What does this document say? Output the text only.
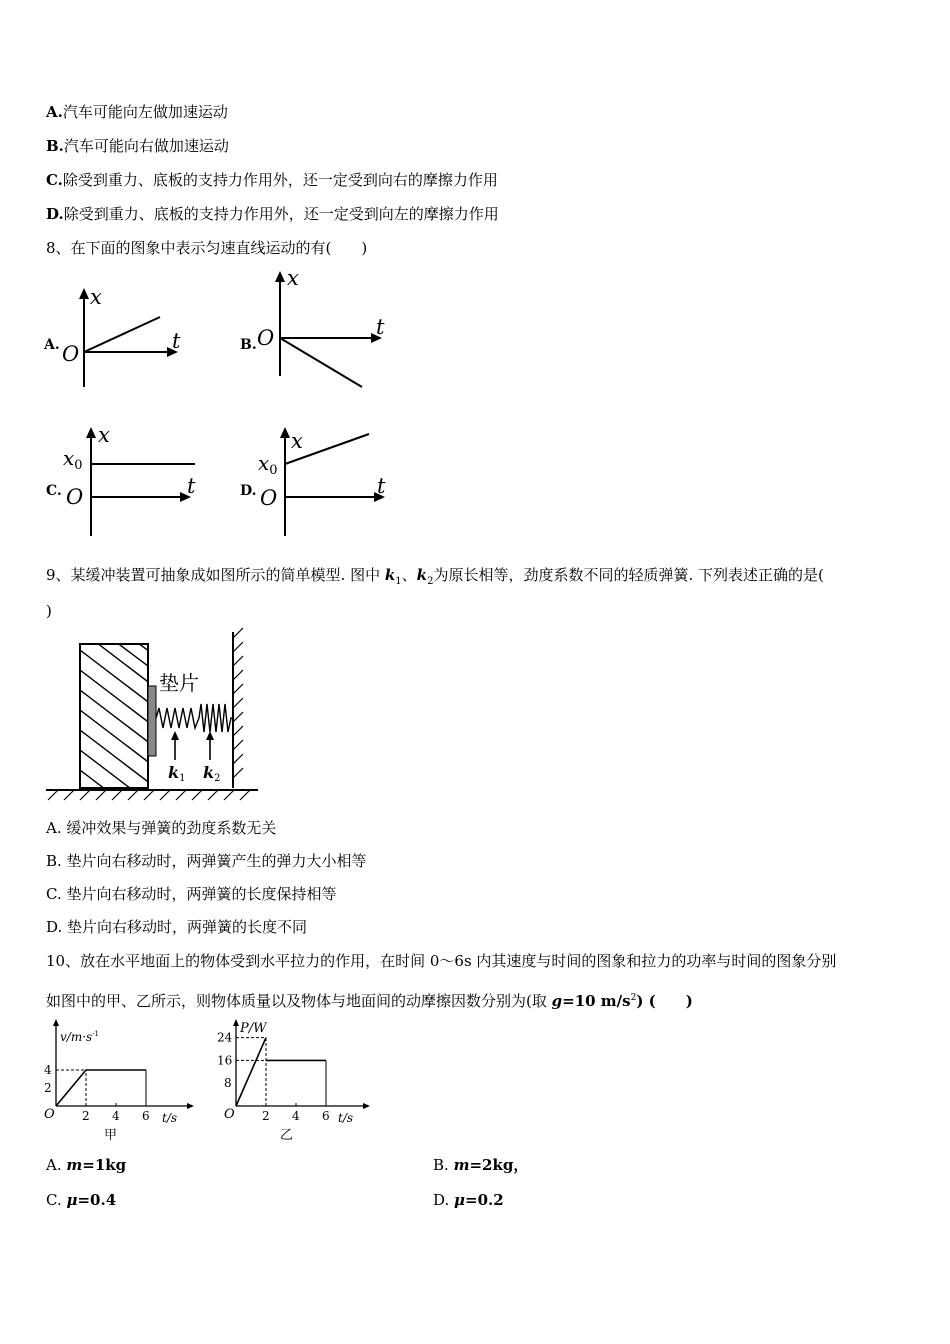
A.汽车可能向左做加速运动
B.汽车可能向右做加速运动
C.除受到重力、底板的支持力作用外，还一定受到向右的摩擦力作用
D.除受到重力、底板的支持力作用外，还一定受到向左的摩擦力作用
8、在下面的图象中表示匀速直线运动的有(　　)
A.
x
t
O	B.
x
t
O
C.
x
t
O
$x_0$
D.
x
t
O
$x_0$
9、某缓冲装置可抽象成如图所示的简单模型. 图中 $k_1$、$k_2$为原长相等，劲度系数不同的轻质弹簧. 下列表述正确的是(
)
垫片
k1 k2
A. 缓冲效果与弹簧的劲度系数无关
B. 垫片向右移动时，两弹簧产生的弹力大小相等
C. 垫片向右移动时，两弹簧的长度保持相等
D. 垫片向右移动时，两弹簧的长度不同
10、放在水平地面上的物体受到水平拉力的作用，在时间 0～6s 内其速度与时间的图象和拉力的功率与时间的图象分别
如图中的甲、乙所示，则物体质量以及物体与地面间的动摩擦因数分别为(取 g=10 $m/s^2$) (　　)
$v/m\cdot s^{-1}$
t/s
O
甲
2 4 6
2
4
P/W
t/s
O
乙
2 4 6
8
16
24
A. m=1kg	B. m=2kg，
C. μ=0.4	D. μ=0.2
